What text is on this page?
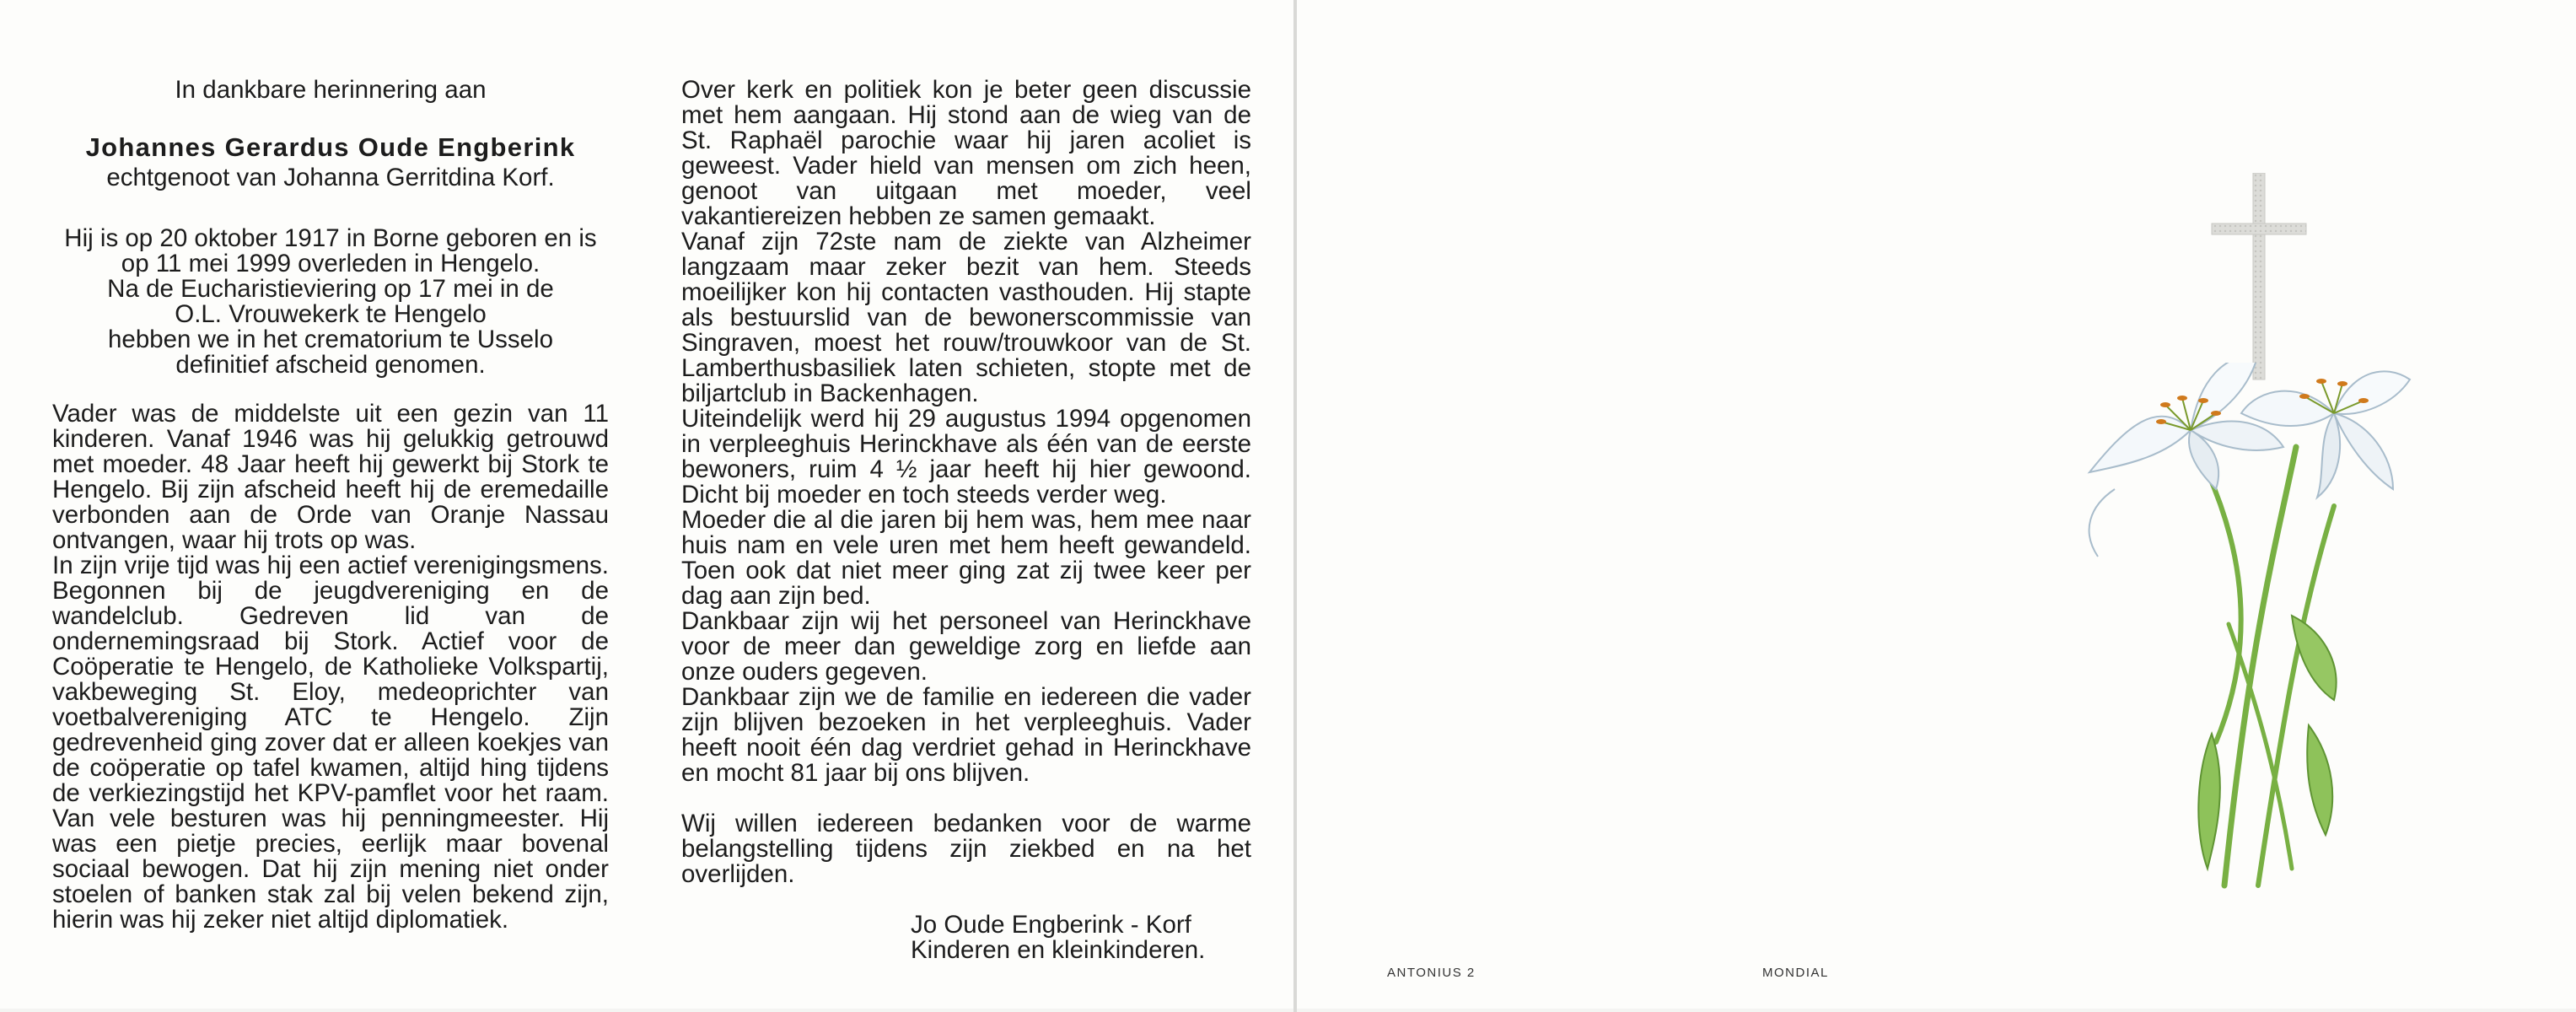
In dankbare herinnering aan
Johannes Gerardus Oude Engberink
echtgenoot van Johanna Gerritdina Korf.
Hij is op 20 oktober 1917 in Borne geboren en is
op 11 mei 1999 overleden in Hengelo.
Na de Eucharistieviering op 17 mei in de
O.L. Vrouwekerk te Hengelo
hebben we in het crematorium te Usselo
definitief afscheid genomen.

Vader was de middelste uit een gezin van 11 kinderen. Vanaf 1946 was hij gelukkig getrouwd met moeder. 48 Jaar heeft hij gewerkt bij Stork te Hengelo. Bij zijn afscheid heeft hij de eremedaille verbonden aan de Orde van Oranje Nassau ontvangen, waar hij trots op was.

In zijn vrije tijd was hij een actief verenigingsmens. Begonnen bij de jeugdvereniging en de wandelclub. Gedreven lid van de ondernemingsraad bij Stork. Actief voor de Coöperatie te Hengelo, de Katholieke Volkspartij, vakbeweging St. Eloy, medeoprichter van voetbalvereniging ATC te Hengelo. Zijn gedrevenheid ging zover dat er alleen koekjes van de coöperatie op tafel kwamen, altijd hing tijdens de verkiezingstijd het KPV-pamflet voor het raam. Van vele besturen was hij penningmeester. Hij was een pietje precies, eerlijk maar bovenal sociaal bewogen. Dat hij zijn mening niet onder stoelen of banken stak zal bij velen bekend zijn, hierin was hij zeker niet altijd diplomatiek.

Over kerk en politiek kon je beter geen discussie met hem aangaan. Hij stond aan de wieg van de St. Raphaël parochie waar hij jaren acoliet is geweest. Vader hield van mensen om zich heen, genoot van uitgaan met moeder, veel vakantiereizen hebben ze samen gemaakt.

Vanaf zijn 72ste nam de ziekte van Alzheimer langzaam maar zeker bezit van hem. Steeds moeilijker kon hij contacten vasthouden. Hij stapte als bestuurslid van de bewonerscommissie van Singraven, moest het rouw/trouwkoor van de St. Lamberthusbasiliek laten schieten, stopte met de biljartclub in Backenhagen.

Uiteindelijk werd hij 29 augustus 1994 opgenomen in verpleeghuis Herinckhave als één van de eerste bewoners, ruim 4 ½ jaar heeft hij hier gewoond. Dicht bij moeder en toch steeds verder weg.

Moeder die al die jaren bij hem was, hem mee naar huis nam en vele uren met hem heeft gewandeld. Toen ook dat niet meer ging zat zij twee keer per dag aan zijn bed.

Dankbaar zijn wij het personeel van Herinckhave voor de meer dan geweldige zorg en liefde aan onze ouders gegeven.

Dankbaar zijn we de familie en iedereen die vader zijn blijven bezoeken in het verpleeghuis. Vader heeft nooit één dag verdriet gehad in Herinckhave en mocht 81 jaar bij ons blijven.

Wij willen iedereen bedanken voor de warme belangstelling tijdens zijn ziekbed en na het overlijden.

Jo Oude Engberink - Korf
Kinderen en kleinkinderen.
ANTONIUS 2	MONDIAL
